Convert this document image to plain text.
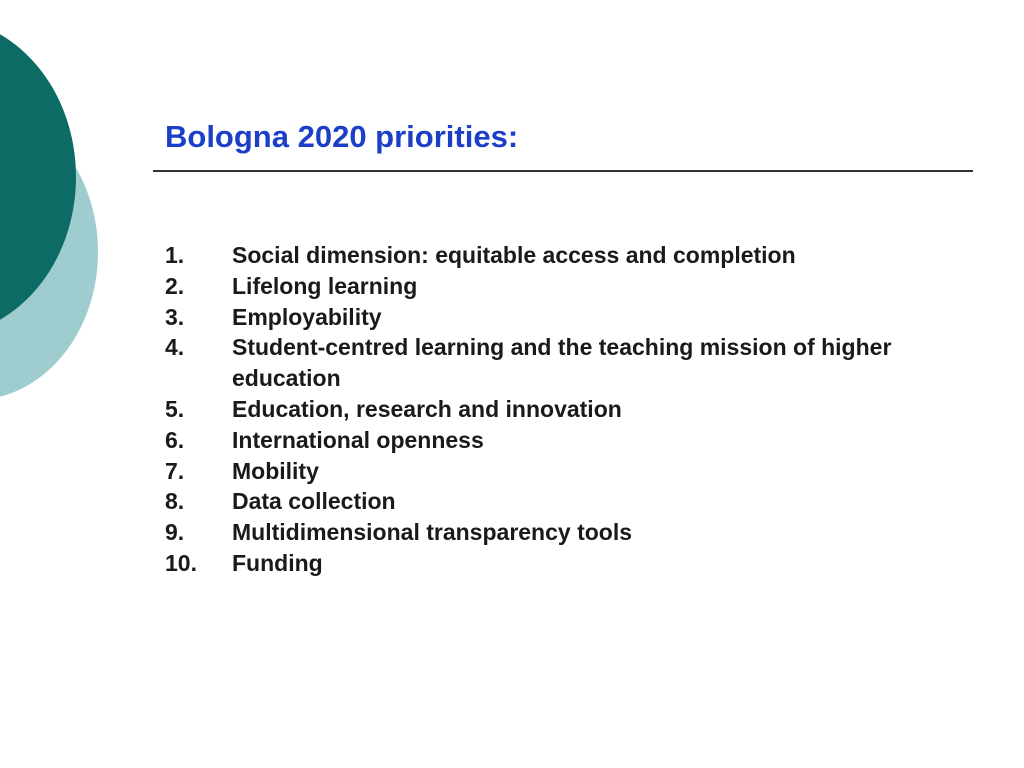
Bologna 2020 priorities:
1.	Social dimension: equitable access and completion
2.	Lifelong learning
3.	Employability
4.	Student-centred learning and the teaching mission of higher education
5.	Education, research and innovation
6.	International openness
7.	Mobility
8.	Data collection
9.	Multidimensional transparency tools
10.	Funding
